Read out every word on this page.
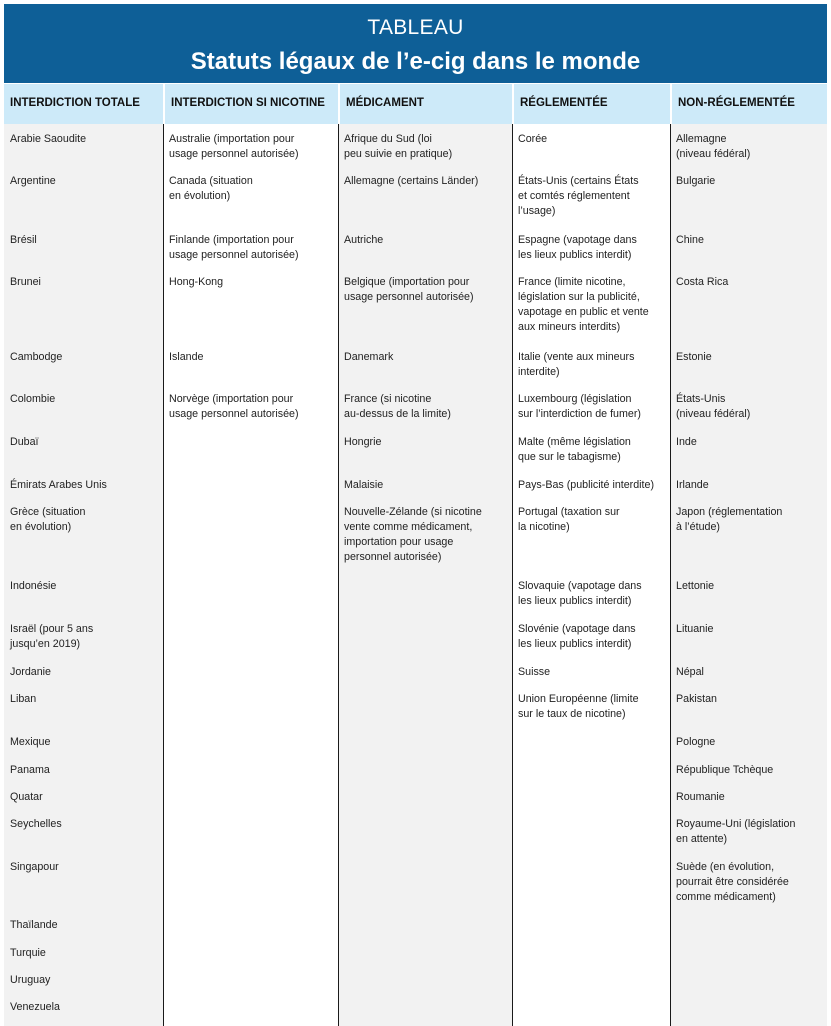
TABLEAU
Statuts légaux de l’e-cig dans le monde
INTERDICTION TOTALE
Arabie Saoudite
Argentine
Brésil
Brunei
Cambodge
Colombie
Dubaï
Émirats Arabes Unis
Grèce (situation
en évolution)
Indonésie
Israël (pour 5 ans
jusqu’en 2019)
Jordanie
Liban
Mexique
Panama
Quatar
Seychelles
Singapour
Thaïlande
Turquie
Uruguay
Venezuela
INTERDICTION SI NICOTINE
Australie (importation pour
usage personnel autorisée)
Canada (situation
en évolution)
Finlande (importation pour
usage personnel autorisée)
Hong-Kong
Islande
Norvège (importation pour
usage personnel autorisée)
MÉDICAMENT
Afrique du Sud (loi
peu suivie en pratique)
Allemagne (certains Länder)
Autriche
Belgique (importation pour
usage personnel autorisée)
Danemark
France (si nicotine
au-dessus de la limite)
Hongrie
Malaisie
Nouvelle-Zélande (si nicotine
vente comme médicament,
importation pour usage
personnel autorisée)
RÉGLEMENTÉE
Corée
États-Unis (certains États
et comtés réglementent
l’usage)
Espagne (vapotage dans
les lieux publics interdit)
France (limite nicotine,
législation sur la publicité,
vapotage en public et vente
aux mineurs interdits)
Italie (vente aux mineurs
interdite)
Luxembourg (législation
sur l’interdiction de fumer)
Malte (même législation
que sur le tabagisme)
Pays-Bas (publicité interdite)
Portugal (taxation sur
la nicotine)
Slovaquie (vapotage dans
les lieux publics interdit)
Slovénie (vapotage dans
les lieux publics interdit)
Suisse
Union Européenne (limite
sur le taux de nicotine)
NON-RÉGLEMENTÉE
Allemagne
(niveau fédéral)
Bulgarie
Chine
Costa Rica
Estonie
États-Unis
(niveau fédéral)
Inde
Irlande
Japon (réglementation
à l’étude)
Lettonie
Lituanie
Népal
Pakistan
Pologne
République Tchèque
Roumanie
Royaume-Uni (législation
en attente)
Suède (en évolution,
pourrait être considérée
comme médicament)
